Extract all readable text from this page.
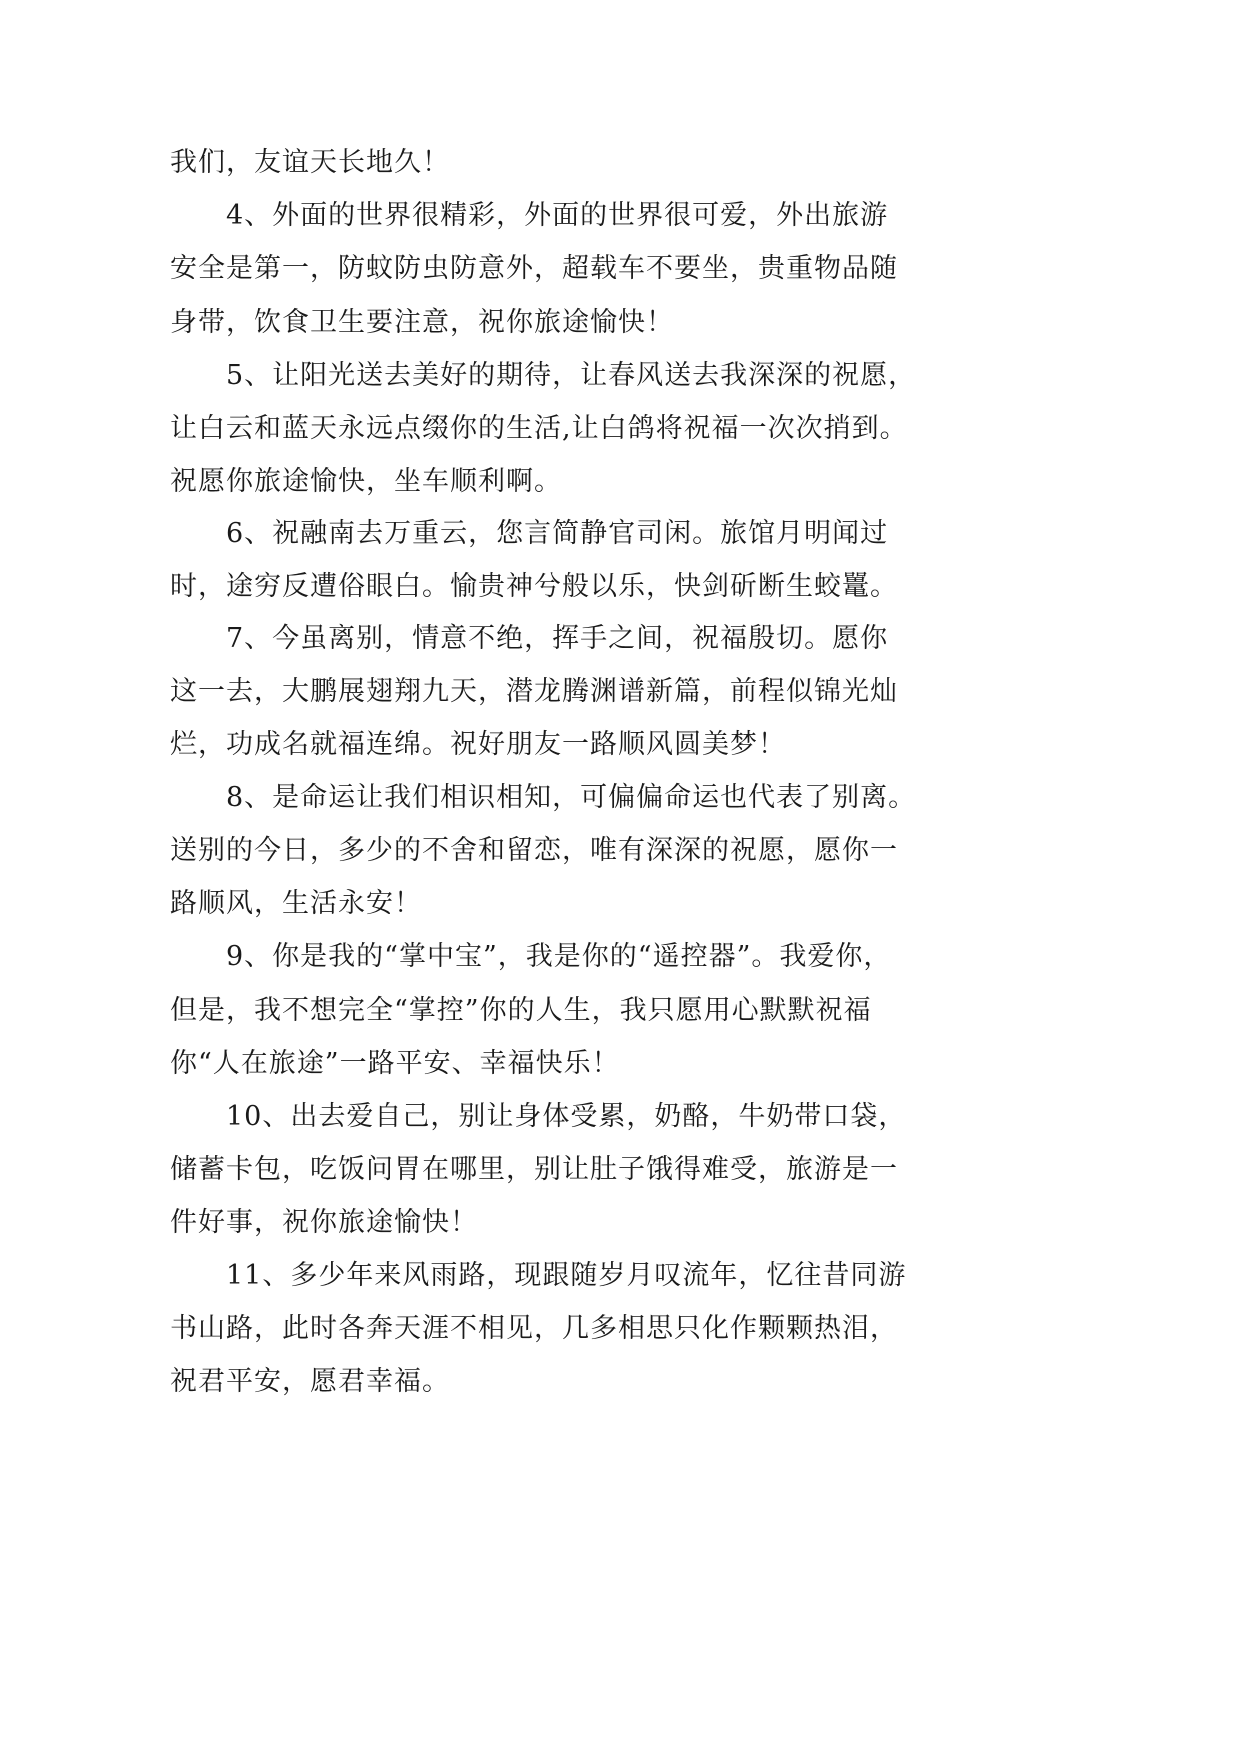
我们，友谊天长地久！
4、外面的世界很精彩，外面的世界很可爱，外出旅游
安全是第一，防蚊防虫防意外，超载车不要坐，贵重物品随
身带，饮食卫生要注意，祝你旅途愉快！
5、让阳光送去美好的期待，让春风送去我深深的祝愿，
让白云和蓝天永远点缀你的生活,让白鸽将祝福一次次捎到。
祝愿你旅途愉快，坐车顺利啊。
6、祝融南去万重云，您言简静官司闲。旅馆月明闻过
时，途穷反遭俗眼白。愉贵神兮般以乐，快剑斫断生蛟鼍。
7、今虽离别，情意不绝，挥手之间，祝福殷切。愿你
这一去，大鹏展翅翔九天，潜龙腾渊谱新篇，前程似锦光灿
烂，功成名就福连绵。祝好朋友一路顺风圆美梦！
8、是命运让我们相识相知，可偏偏命运也代表了别离。
送别的今日，多少的不舍和留恋，唯有深深的祝愿，愿你一
路顺风，生活永安！
9、你是我的“掌中宝”，我是你的“遥控器”。我爱你，
但是，我不想完全“掌控”你的人生，我只愿用心默默祝福
你“人在旅途”一路平安、幸福快乐！
10、出去爱自己，别让身体受累，奶酪，牛奶带口袋，
储蓄卡包，吃饭问胃在哪里，别让肚子饿得难受，旅游是一
件好事，祝你旅途愉快！
11、多少年来风雨路，现跟随岁月叹流年，忆往昔同游
书山路，此时各奔天涯不相见，几多相思只化作颗颗热泪，
祝君平安，愿君幸福。
